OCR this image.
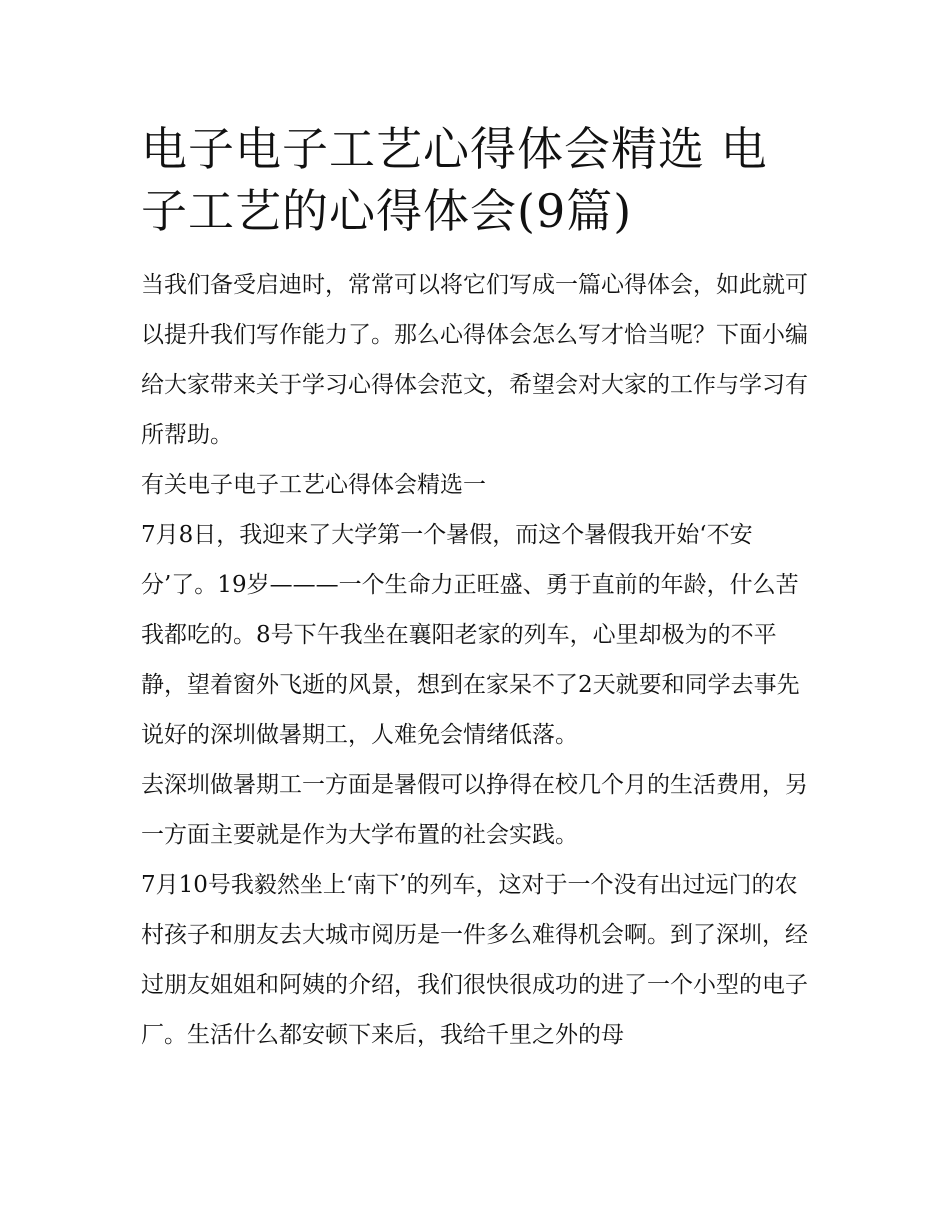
电子电子工艺心得体会精选 电子工艺的心得体会(9篇)

当我们备受启迪时，常常可以将它们写成一篇心得体会，如此就可以提升我们写作能力了。那么心得体会怎么写才恰当呢？下面小编给大家带来关于学习心得体会范文，希望会对大家的工作与学习有所帮助。

有关电子电子工艺心得体会精选一

7月8日，我迎来了大学第一个暑假，而这个暑假我开始‘不安分’了。19岁———一个生命力正旺盛、勇于直前的年龄，什么苦我都吃的。8号下午我坐在襄阳老家的列车，心里却极为的不平静，望着窗外飞逝的风景，想到在家呆不了2天就要和同学去事先说好的深圳做暑期工，人难免会情绪低落。

去深圳做暑期工一方面是暑假可以挣得在校几个月的生活费用，另一方面主要就是作为大学布置的社会实践。

7月10号我毅然坐上‘南下’的列车，这对于一个没有出过远门的农村孩子和朋友去大城市阅历是一件多么难得机会啊。到了深圳，经过朋友姐姐和阿姨的介绍，我们很快很成功的进了一个小型的电子厂。生活什么都安顿下来后，我给千里之外的母
